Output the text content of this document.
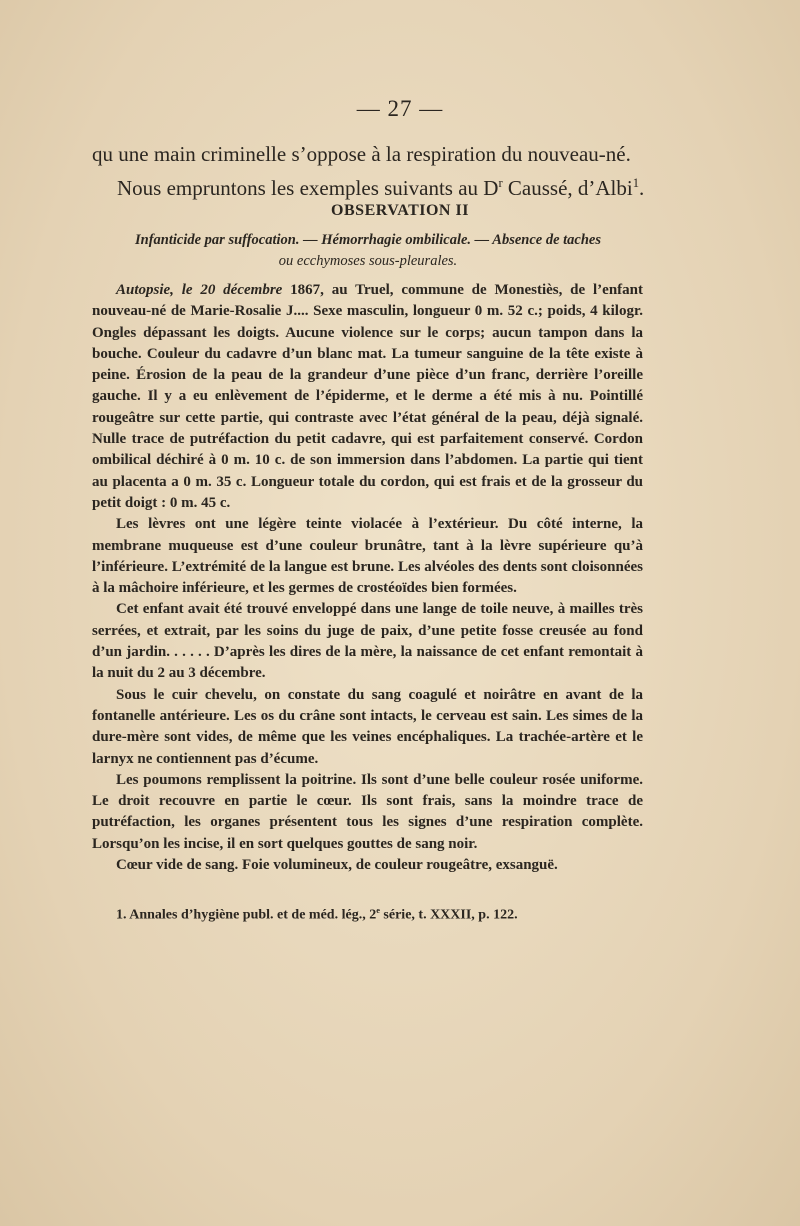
— 27 —

qu une main criminelle s’oppose à la respiration du nouveau-né.

Nous empruntons les exemples suivants au $D^r$ Caussé, d’Albi$^1$.

OBSERVATION II
Infanticide par suffocation. — Hémorrhagie ombilicale. — Absence de taches
ou ecchymoses sous-pleurales.

Autopsie, le 20 décembre 1867, au Truel, commune de Monestiès, de l’enfant nouveau-né de Marie-Rosalie J.... Sexe masculin, longueur 0 m. 52 c.; poids, 4 kilogr. Ongles dépassant les doigts. Aucune violence sur le corps; aucun tampon dans la bouche. Couleur du cadavre d’un blanc mat. La tumeur sanguine de la tête existe à peine. Érosion de la peau de la grandeur d’une pièce d’un franc, derrière l’oreille gauche. Il y a eu enlèvement de l’épiderme, et le derme a été mis à nu. Pointillé rougeâtre sur cette partie, qui contraste avec l’état général de la peau, déjà signalé. Nulle trace de putréfaction du petit cadavre, qui est parfaitement conservé. Cordon ombilical déchiré à 0 m. 10 c. de son immersion dans l’abdomen. La partie qui tient au placenta a 0 m. 35 c. Longueur totale du cordon, qui est frais et de la grosseur du petit doigt : 0 m. 45 c.

Les lèvres ont une légère teinte violacée à l’extérieur. Du côté interne, la membrane muqueuse est d’une couleur brunâtre, tant à la lèvre supérieure qu’à l’inférieure. L’extrémité de la langue est brune. Les alvéoles des dents sont cloisonnées à la mâchoire inférieure, et les germes de crostéoïdes bien formées.

Cet enfant avait été trouvé enveloppé dans une lange de toile neuve, à mailles très serrées, et extrait, par les soins du juge de paix, d’une petite fosse creusée au fond d’un jardin. . . . . . D’après les dires de la mère, la naissance de cet enfant remontait à la nuit du 2 au 3 décembre.

Sous le cuir chevelu, on constate du sang coagulé et noirâtre en avant de la fontanelle antérieure. Les os du crâne sont intacts, le cerveau est sain. Les simes de la dure-mère sont vides, de même que les veines encéphaliques. La trachée-artère et le larnyx ne contiennent pas d’écume.

Les poumons remplissent la poitrine. Ils sont d’une belle couleur rosée uniforme. Le droit recouvre en partie le cœur. Ils sont frais, sans la moindre trace de putréfaction, les organes présentent tous les signes d’une respiration complète. Lorsqu’on les incise, il en sort quelques gouttes de sang noir.

Cœur vide de sang. Foie volumineux, de couleur rougeâtre, exsanguë.

1. Annales d’hygiène publ. et de méd. lég., 2e série, t. XXXII, p. 122.
